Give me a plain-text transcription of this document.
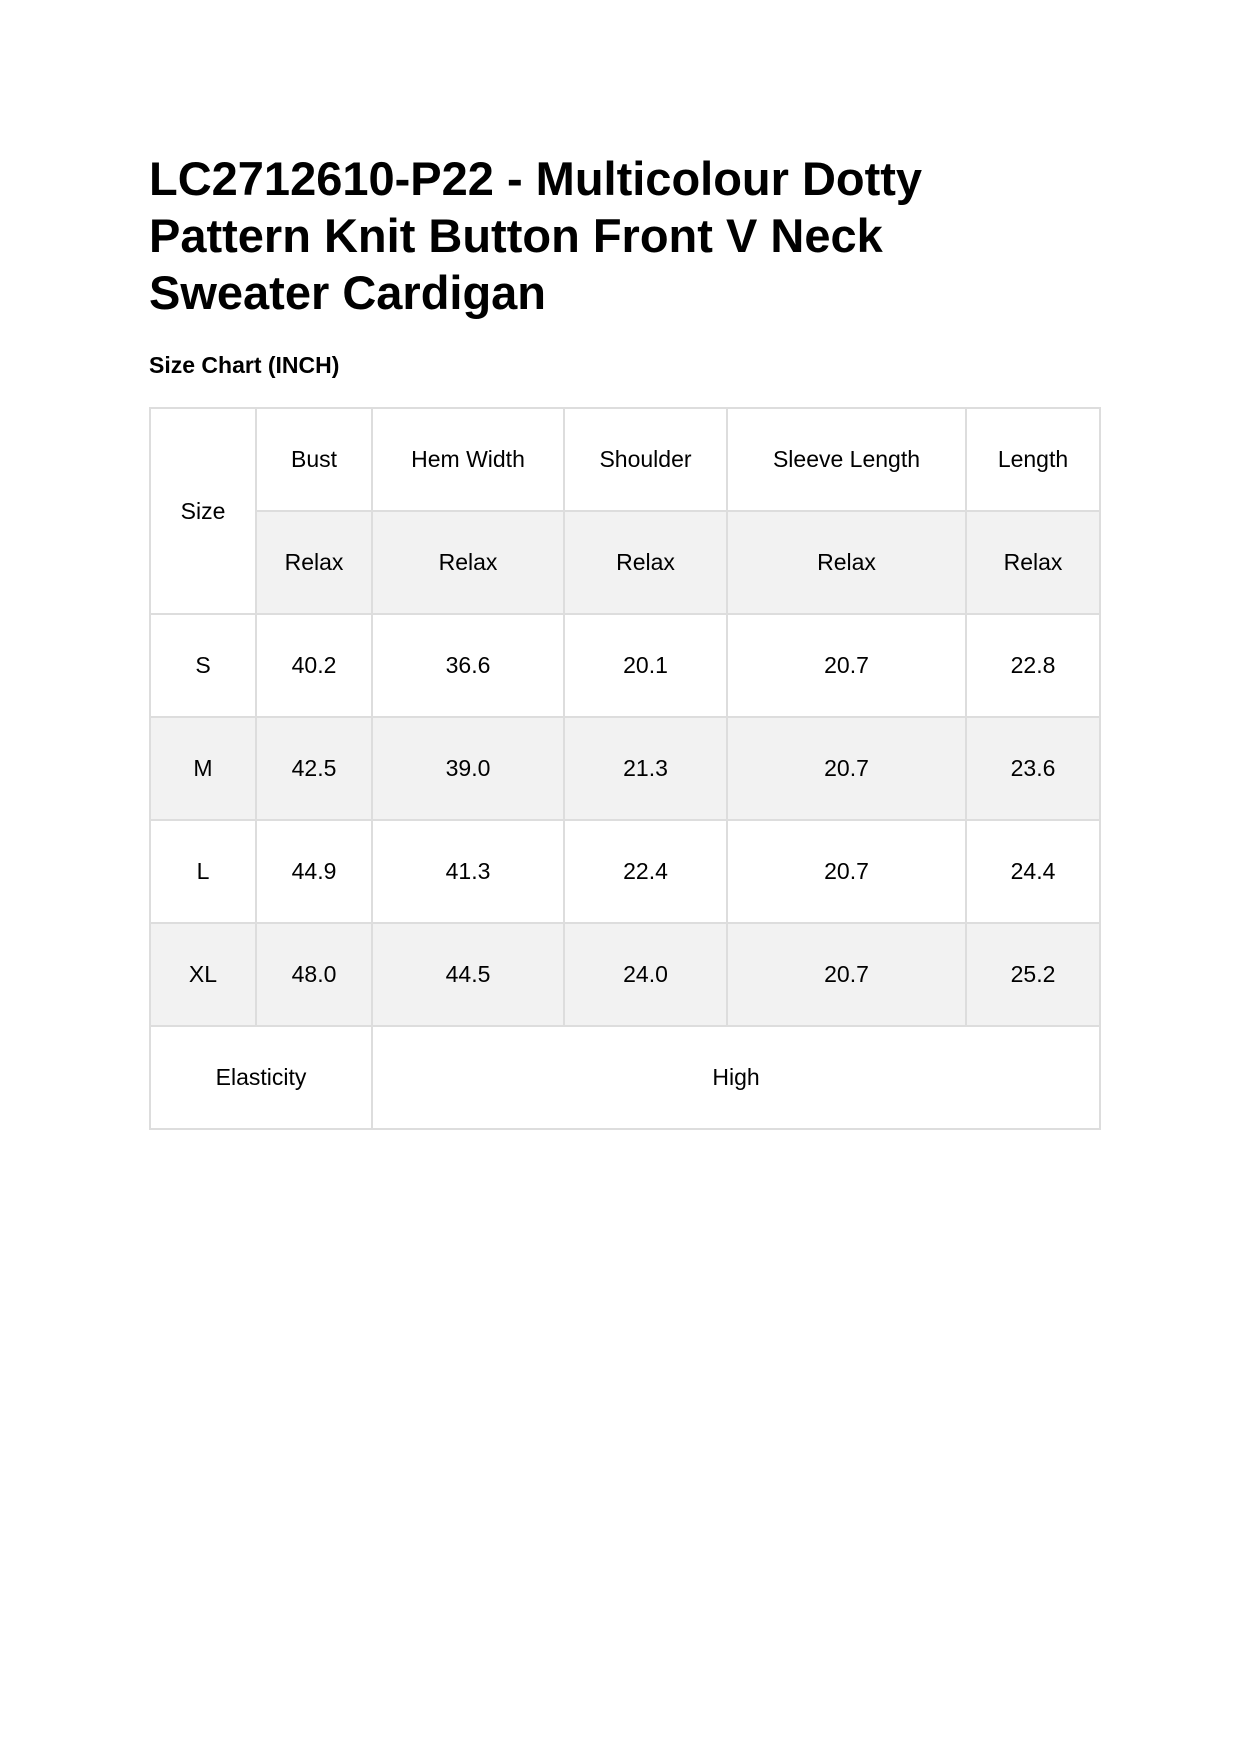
LC2712610-P22 - Multicolour Dotty Pattern Knit Button Front V Neck Sweater Cardigan
Size Chart (INCH)
Size	Bust	Hem Width	Shoulder	Sleeve Length	Length
	Relax	Relax	Relax	Relax	Relax
S	40.2	36.6	20.1	20.7	22.8
M	42.5	39.0	21.3	20.7	23.6
L	44.9	41.3	22.4	20.7	24.4
XL	48.0	44.5	24.0	20.7	25.2
Elasticity		High			
